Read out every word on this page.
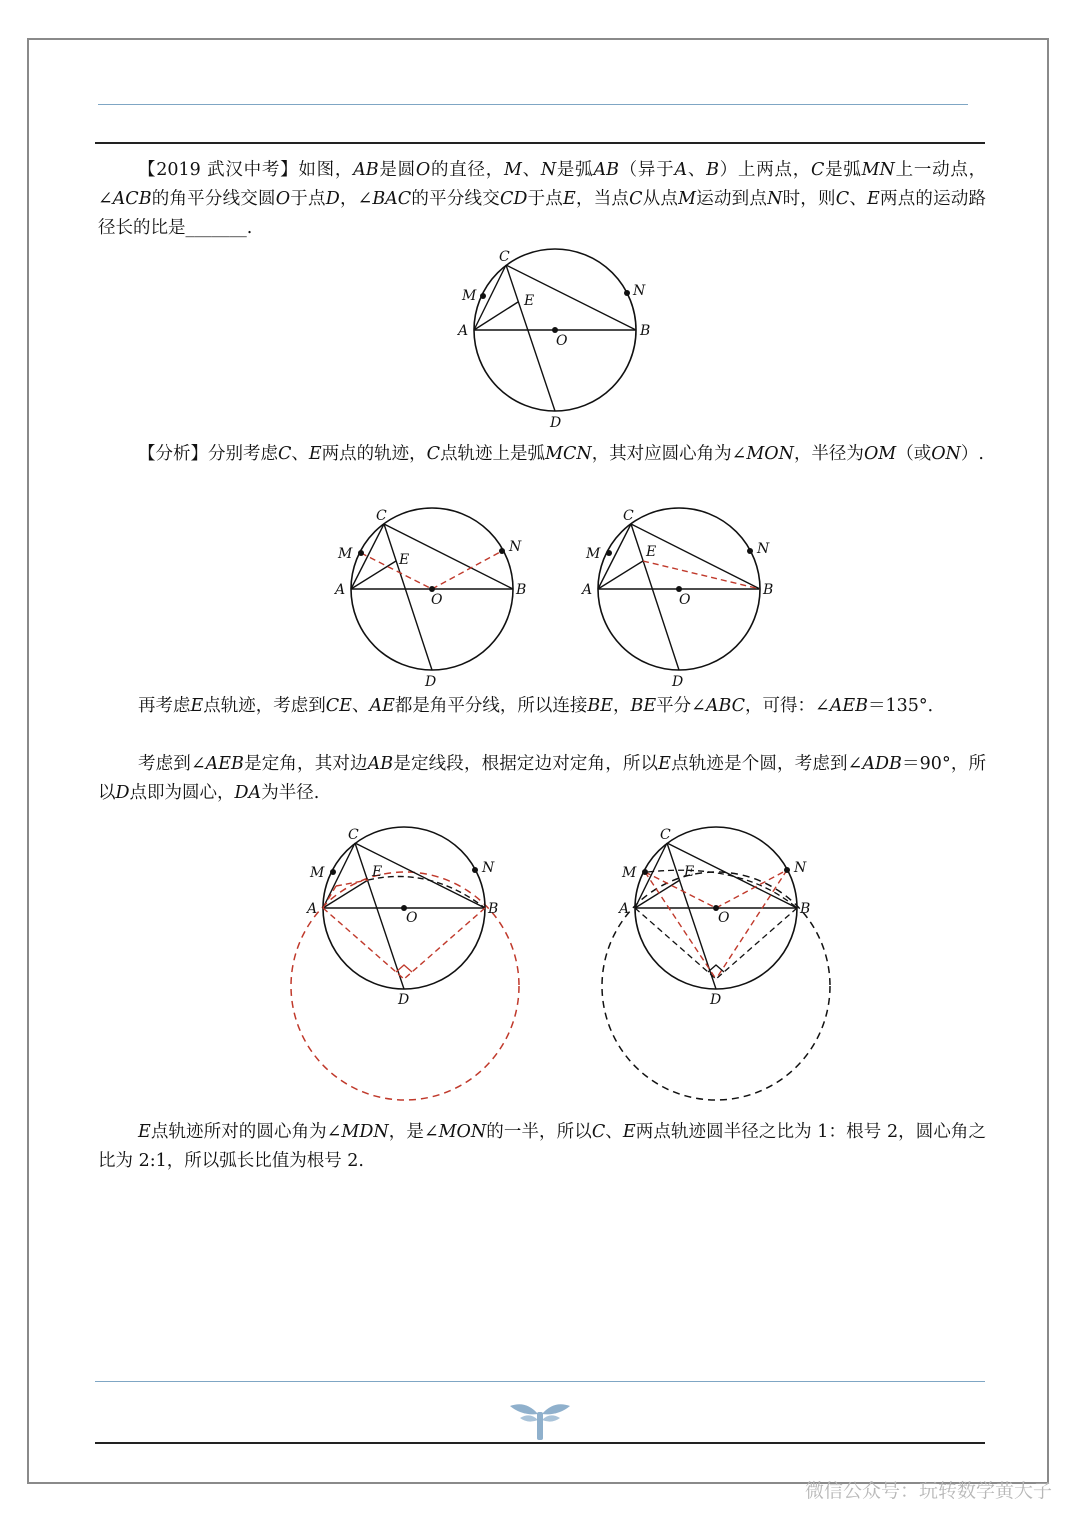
【2019 武汉中考】如图，AB是圆O的直径，M、N是弧AB（异于A、B）上两点，C是弧MN上一动点，∠ACB的角平分线交圆O于点D，∠BAC的平分线交CD于点E，当点C从点M运动到点N时，则C、E两点的运动路径长的比是_______.
C
M	N
E
A	B
O
D
【分析】分别考虑C、E两点的轨迹，C点轨迹上是弧MCN，其对应圆心角为∠MON，半径为OM（或ON）.
C
M	N
E
A	B
O
D
C
M	N
E
A	B
O
D
再考虑E点轨迹，考虑到CE、AE都是角平分线，所以连接BE，BE平分∠ABC，可得：∠AEB＝135°．
考虑到∠AEB是定角，其对边AB是定线段，根据定边对定角，所以E点轨迹是个圆，考虑到∠ADB＝90°，所以D点即为圆心，DA为半径.
C
M	N
E
A	B
O
D
C
M	N
E
A	B
O
D
E点轨迹所对的圆心角为∠MDN，是∠MON的一半，所以C、E两点轨迹圆半径之比为 1：根号 2，圆心角之比为 2:1，所以弧长比值为根号 2.
微信公众号：玩转数学黄大子
